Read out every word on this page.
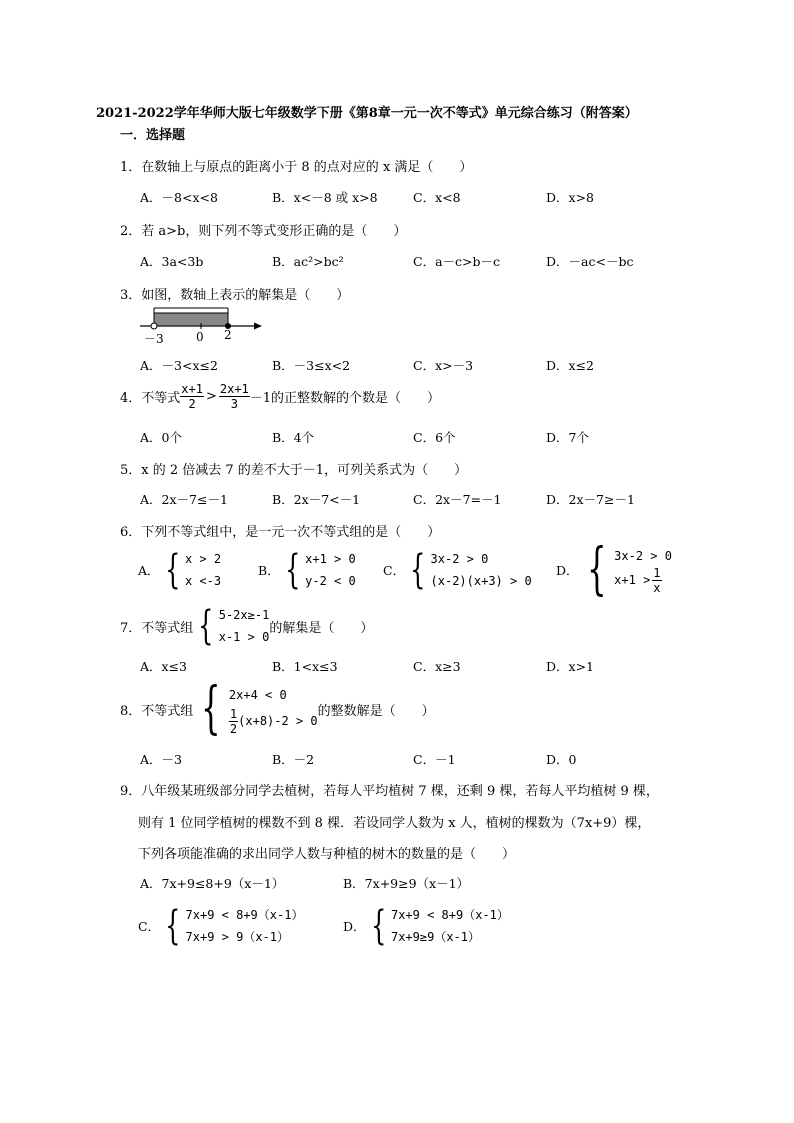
2021-2022学年华师大版七年级数学下册《第8章一元一次不等式》单元综合练习（附答案）
一．选择题
1．在数轴上与原点的距离小于 8 的点对应的 x 满足（　　）
A．－8<x<8	B．x<－8 或 x>8	C．x<8	D．x>8
2．若 a>b，则下列不等式变形正确的是（　　）
A．3a<3b	B．ac²>bc²	C．a－c>b－c	D．－ac<－bc
3．如图，数轴上表示的解集是（　　）
－3	0 2
A．－3<x≤2	B．－3≤x<2	C．x>－3	D．x≤2
4．不等式 $\frac{x+1}{2} > \frac{2x+1}{3} -1$的正整数解的个数是（　　）
A．0个	B．4个	C．6个	D．7个
5．x 的 2 倍减去 7 的差不大于－1，可列关系式为（　　）
A．2x－7≤－1	B．2x－7<－1	C．2x－7=－1	D．2x－7≥－1
6．下列不等式组中，是一元一次不等式组的是（　　）
A． { x > 2
x <-3
B． { x+1 > 0
y-2 < 0
C． { 3x-2 > 0
(x-2)(x+3) > 0
D． { 3x-2 > 0
$x+1 > \frac{1}{x}$
7．不等式组 { 5-2x≥-1
x-1 > 0
的解集是（　　）
A．x≤3	B．1<x≤3	C．x≥3	D．x>1
8．不等式组 { 2x+4 < 0
$\frac{1}{2} (x+8)-2 > 0$
的整数解是（　　）
A．－3	B．－2	C．－1	D．0
9．八年级某班级部分同学去植树，若每人平均植树 7 棵，还剩 9 棵，若每人平均植树 9 棵，
则有 1 位同学植树的棵数不到 8 棵．若设同学人数为 x 人，植树的棵数为（7x+9）棵，
下列各项能准确的求出同学人数与种植的树木的数量的是（　　）
A．7x+9≤8+9（x－1）	B．7x+9≥9（x－1）
C． { 7x+9 < 8+9（x-1）
7x+9 > 9（x-1）
D． { 7x+9 < 8+9（x-1）
7x+9≥9（x-1）
